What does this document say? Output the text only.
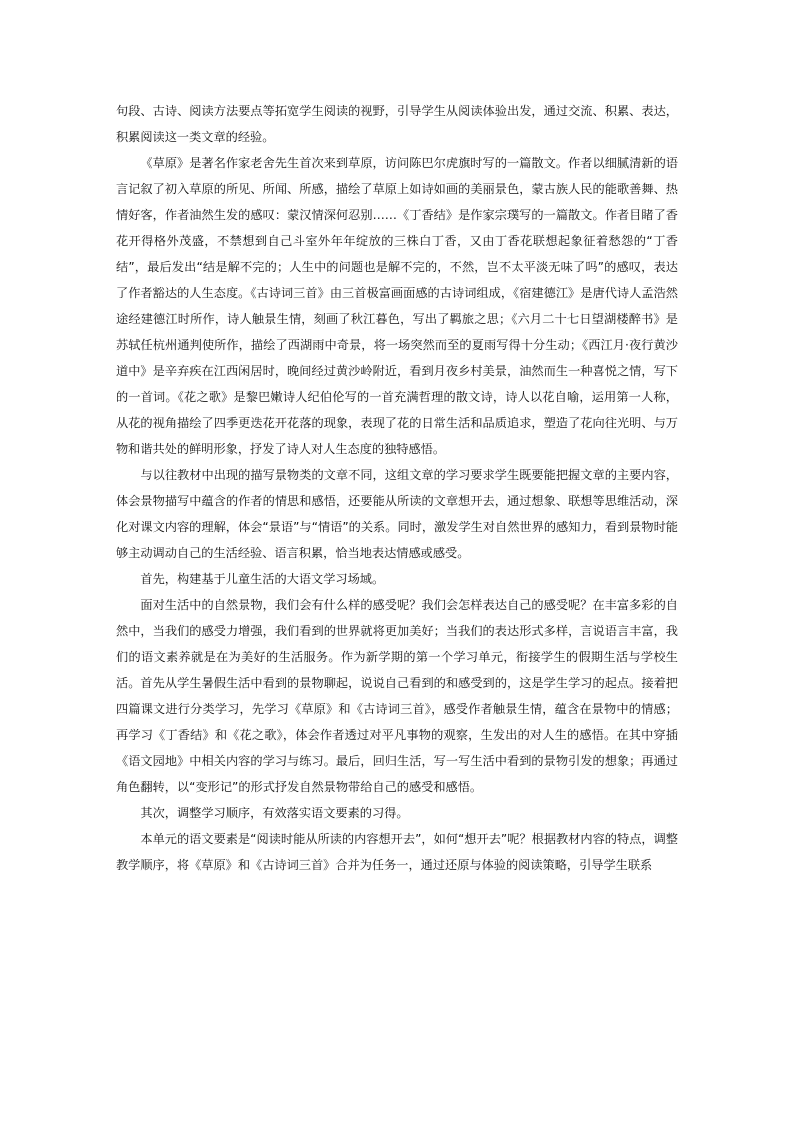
句段、古诗、阅读方法要点等拓宽学生阅读的视野，引导学生从阅读体验出发，通过交流、积累、表达，积累阅读这一类文章的经验。

《草原》是著名作家老舍先生首次来到草原，访问陈巴尔虎旗时写的一篇散文。作者以细腻清新的语言记叙了初入草原的所见、所闻、所感，描绘了草原上如诗如画的美丽景色，蒙古族人民的能歌善舞、热情好客，作者油然生发的感叹：蒙汉情深何忍别……《丁香结》是作家宗璞写的一篇散文。作者目睹了香花开得格外茂盛，不禁想到自己斗室外年年绽放的三株白丁香，又由丁香花联想起象征着愁怨的“丁香结”，最后发出“结是解不完的；人生中的问题也是解不完的，不然，岂不太平淡无味了吗”的感叹，表达了作者豁达的人生态度。《古诗词三首》由三首极富画面感的古诗词组成，《宿建德江》是唐代诗人孟浩然途经建德江时所作，诗人触景生情，刻画了秋江暮色，写出了羁旅之思；《六月二十七日望湖楼醉书》是苏轼任杭州通判使所作，描绘了西湖雨中奇景，将一场突然而至的夏雨写得十分生动；《西江月·夜行黄沙道中》是辛弃疾在江西闲居时，晚间经过黄沙岭附近，看到月夜乡村美景，油然而生一种喜悦之情，写下的一首词。《花之歌》是黎巴嫩诗人纪伯伦写的一首充满哲理的散文诗，诗人以花自喻，运用第一人称，从花的视角描绘了四季更迭花开花落的现象，表现了花的日常生活和品质追求，塑造了花向往光明、与万物和谐共处的鲜明形象，抒发了诗人对人生态度的独特感悟。

与以往教材中出现的描写景物类的文章不同，这组文章的学习要求学生既要能把握文章的主要内容，体会景物描写中蕴含的作者的情思和感悟，还要能从所读的文章想开去，通过想象、联想等思维活动，深化对课文内容的理解，体会“景语”与“情语”的关系。同时，激发学生对自然世界的感知力，看到景物时能够主动调动自己的生活经验、语言积累，恰当地表达情感或感受。

首先，构建基于儿童生活的大语文学习场域。

面对生活中的自然景物，我们会有什么样的感受呢？我们会怎样表达自己的感受呢？在丰富多彩的自然中，当我们的感受力增强，我们看到的世界就将更加美好；当我们的表达形式多样，言说语言丰富，我们的语文素养就是在为美好的生活服务。作为新学期的第一个学习单元，衔接学生的假期生活与学校生活。首先从学生暑假生活中看到的景物聊起，说说自己看到的和感受到的，这是学生学习的起点。接着把四篇课文进行分类学习，先学习《草原》和《古诗词三首》，感受作者触景生情，蕴含在景物中的情感；再学习《丁香结》和《花之歌》，体会作者透过对平凡事物的观察，生发出的对人生的感悟。在其中穿插《语文园地》中相关内容的学习与练习。最后，回归生活，写一写生活中看到的景物引发的想象；再通过角色翻转，以“变形记”的形式抒发自然景物带给自己的感受和感悟。

其次，调整学习顺序，有效落实语文要素的习得。

本单元的语文要素是“阅读时能从所读的内容想开去”，如何“想开去”呢？根据教材内容的特点，调整教学顺序，将《草原》和《古诗词三首》合并为任务一，通过还原与体验的阅读策略，引导学生联系
